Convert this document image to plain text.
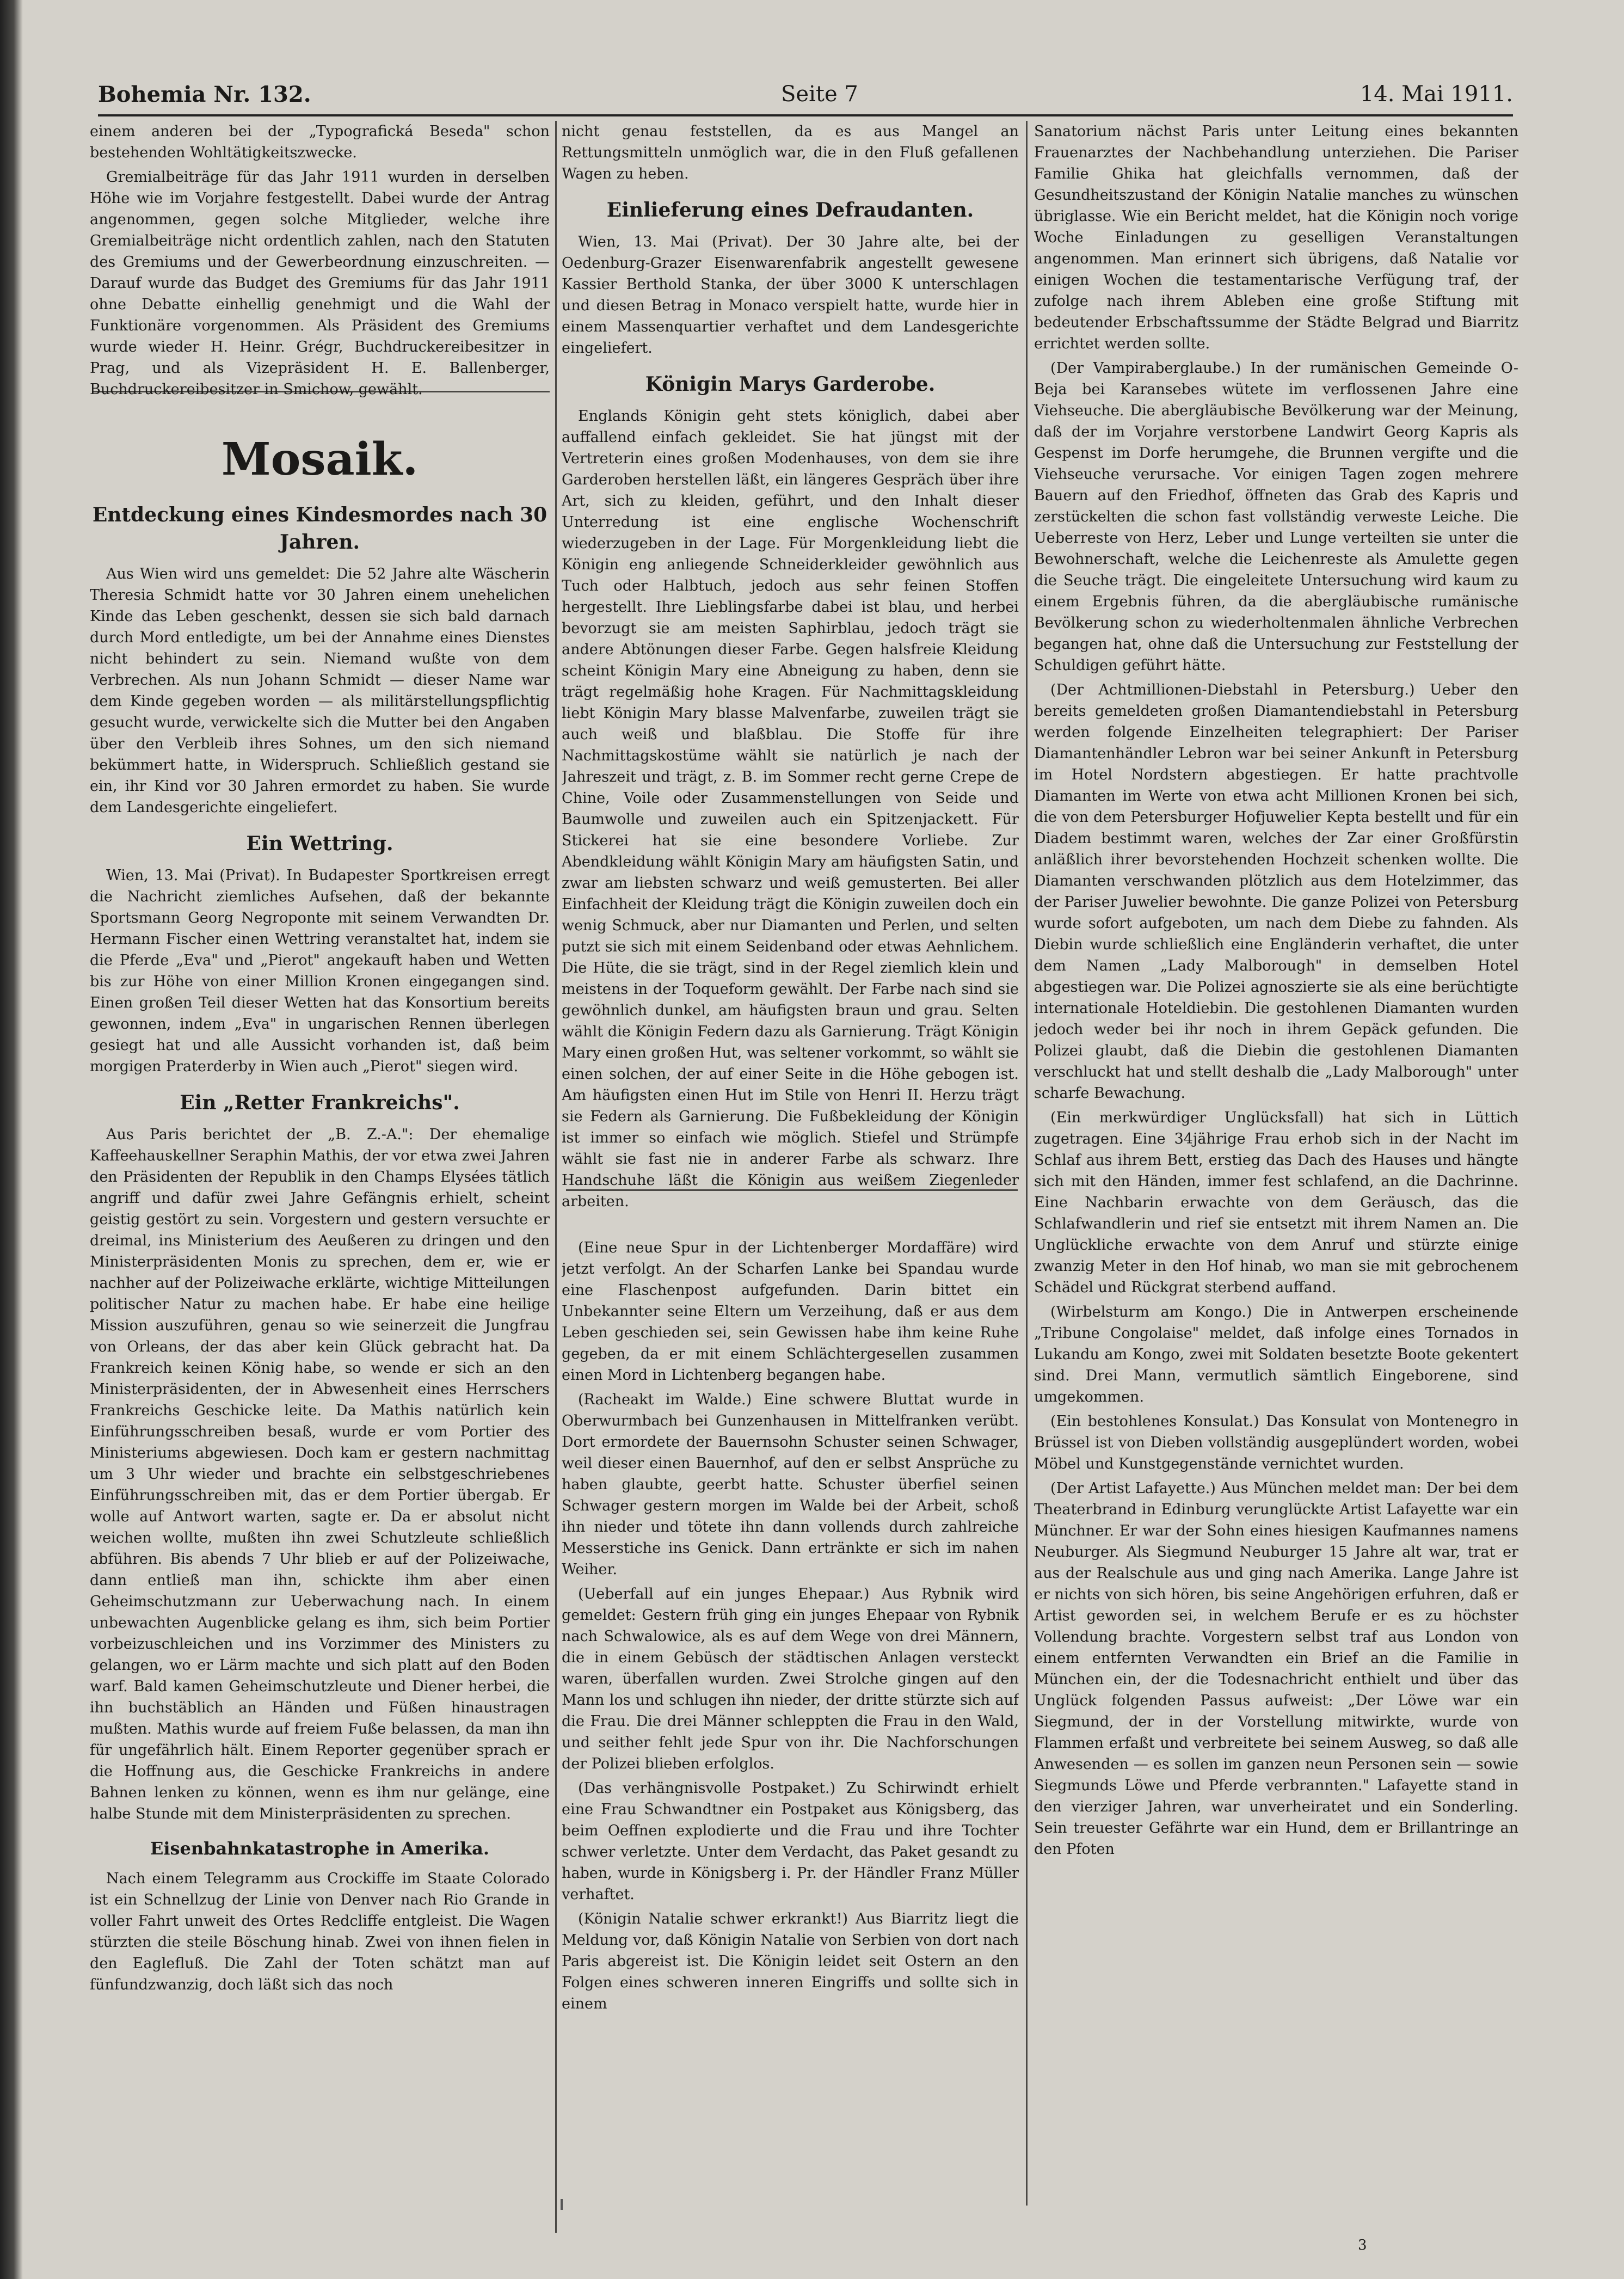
Bohemia Nr. 132.	Seite 7	14. Mai 1911.

einem anderen bei der „Typografická Beseda" schon bestehenden Wohltätigkeitszwecke.

Gremialbeiträge für das Jahr 1911 wurden in derselben Höhe wie im Vorjahre festgestellt. Dabei wurde der Antrag angenommen, gegen solche Mitglieder, welche ihre Gremialbeiträge nicht ordentlich zahlen, nach den Statuten des Gremiums und der Gewerbeordnung einzuschreiten. — Darauf wurde das Budget des Gremiums für das Jahr 1911 ohne Debatte einhellig genehmigt und die Wahl der Funktionäre vorgenommen. Als Präsident des Gremiums wurde wieder H. Heinr. Grégr, Buchdruckereibesitzer in Prag, und als Vizepräsident H. E. Ballenberger, Buchdruckereibesitzer in Smichow, gewählt.

Mosaik.
Entdeckung eines Kindesmordes nach 30 Jahren.

Aus Wien wird uns gemeldet: Die 52 Jahre alte Wäscherin Theresia Schmidt hatte vor 30 Jahren einem unehelichen Kinde das Leben geschenkt, dessen sie sich bald darnach durch Mord entledigte, um bei der Annahme eines Dienstes nicht behindert zu sein. Niemand wußte von dem Verbrechen. Als nun Johann Schmidt — dieser Name war dem Kinde gegeben worden — als militärstellungspflichtig gesucht wurde, verwickelte sich die Mutter bei den Angaben über den Verbleib ihres Sohnes, um den sich niemand bekümmert hatte, in Widerspruch. Schließlich gestand sie ein, ihr Kind vor 30 Jahren ermordet zu haben. Sie wurde dem Landesgerichte eingeliefert.

Ein Wettring.

Wien, 13. Mai (Privat). In Budapester Sportkreisen erregt die Nachricht ziemliches Aufsehen, daß der bekannte Sportsmann Georg Negroponte mit seinem Verwandten Dr. Hermann Fischer einen Wettring veranstaltet hat, indem sie die Pferde „Eva" und „Pierot" angekauft haben und Wetten bis zur Höhe von einer Million Kronen eingegangen sind. Einen großen Teil dieser Wetten hat das Konsortium bereits gewonnen, indem „Eva" in ungarischen Rennen überlegen gesiegt hat und alle Aussicht vorhanden ist, daß beim morgigen Praterderby in Wien auch „Pierot" siegen wird.

Ein „Retter Frankreichs".

Aus Paris berichtet der „B. Z.-A.": Der ehemalige Kaffeehauskellner Seraphin Mathis, der vor etwa zwei Jahren den Präsidenten der Republik in den Champs Elysées tätlich angriff und dafür zwei Jahre Gefängnis erhielt, scheint geistig gestört zu sein. Vorgestern und gestern versuchte er dreimal, ins Ministerium des Aeußeren zu dringen und den Ministerpräsidenten Monis zu sprechen, dem er, wie er nachher auf der Polizeiwache erklärte, wichtige Mitteilungen politischer Natur zu machen habe. Er habe eine heilige Mission auszuführen, genau so wie seinerzeit die Jungfrau von Orleans, der das aber kein Glück gebracht hat. Da Frankreich keinen König habe, so wende er sich an den Ministerpräsidenten, der in Abwesenheit eines Herrschers Frankreichs Geschicke leite. Da Mathis natürlich kein Einführungsschreiben besaß, wurde er vom Portier des Ministeriums abgewiesen. Doch kam er gestern nachmittag um 3 Uhr wieder und brachte ein selbstgeschriebenes Einführungsschreiben mit, das er dem Portier übergab. Er wolle auf Antwort warten, sagte er. Da er absolut nicht weichen wollte, mußten ihn zwei Schutzleute schließlich abführen. Bis abends 7 Uhr blieb er auf der Polizeiwache, dann entließ man ihn, schickte ihm aber einen Geheimschutzmann zur Ueberwachung nach. In einem unbewachten Augenblicke gelang es ihm, sich beim Portier vorbeizuschleichen und ins Vorzimmer des Ministers zu gelangen, wo er Lärm machte und sich platt auf den Boden warf. Bald kamen Geheimschutzleute und Diener herbei, die ihn buchstäblich an Händen und Füßen hinaustragen mußten. Mathis wurde auf freiem Fuße belassen, da man ihn für ungefährlich hält. Einem Reporter gegenüber sprach er die Hoffnung aus, die Geschicke Frankreichs in andere Bahnen lenken zu können, wenn es ihm nur gelänge, eine halbe Stunde mit dem Ministerpräsidenten zu sprechen.

Eisenbahnkatastrophe in Amerika.

Nach einem Telegramm aus Crockiffe im Staate Colorado ist ein Schnellzug der Linie von Denver nach Rio Grande in voller Fahrt unweit des Ortes Redcliffe entgleist. Die Wagen stürzten die steile Böschung hinab. Zwei von ihnen fielen in den Eaglefluß. Die Zahl der Toten schätzt man auf fünfundzwanzig, doch läßt sich das noch

nicht genau feststellen, da es aus Mangel an Rettungsmitteln unmöglich war, die in den Fluß gefallenen Wagen zu heben.

Einlieferung eines Defraudanten.

Wien, 13. Mai (Privat). Der 30 Jahre alte, bei der Oedenburg-Grazer Eisenwarenfabrik angestellt gewesene Kassier Berthold Stanka, der über 3000 K unterschlagen und diesen Betrag in Monaco verspielt hatte, wurde hier in einem Massenquartier verhaftet und dem Landesgerichte eingeliefert.

Königin Marys Garderobe.

Englands Königin geht stets königlich, dabei aber auffallend einfach gekleidet. Sie hat jüngst mit der Vertreterin eines großen Modenhauses, von dem sie ihre Garderoben herstellen läßt, ein längeres Gespräch über ihre Art, sich zu kleiden, geführt, und den Inhalt dieser Unterredung ist eine englische Wochenschrift wiederzugeben in der Lage. Für Morgenkleidung liebt die Königin eng anliegende Schneiderkleider gewöhnlich aus Tuch oder Halbtuch, jedoch aus sehr feinen Stoffen hergestellt. Ihre Lieblingsfarbe dabei ist blau, und herbei bevorzugt sie am meisten Saphirblau, jedoch trägt sie andere Abtönungen dieser Farbe. Gegen halsfreie Kleidung scheint Königin Mary eine Abneigung zu haben, denn sie trägt regelmäßig hohe Kragen. Für Nachmittagskleidung liebt Königin Mary blasse Malvenfarbe, zuweilen trägt sie auch weiß und blaßblau. Die Stoffe für ihre Nachmittagskostüme wählt sie natürlich je nach der Jahreszeit und trägt, z. B. im Sommer recht gerne Crepe de Chine, Voile oder Zusammenstellungen von Seide und Baumwolle und zuweilen auch ein Spitzenjackett. Für Stickerei hat sie eine besondere Vorliebe. Zur Abendkleidung wählt Königin Mary am häufigsten Satin, und zwar am liebsten schwarz und weiß gemusterten. Bei aller Einfachheit der Kleidung trägt die Königin zuweilen doch ein wenig Schmuck, aber nur Diamanten und Perlen, und selten putzt sie sich mit einem Seidenband oder etwas Aehnlichem. Die Hüte, die sie trägt, sind in der Regel ziemlich klein und meistens in der Toqueform gewählt. Der Farbe nach sind sie gewöhnlich dunkel, am häufigsten braun und grau. Selten wählt die Königin Federn dazu als Garnierung. Trägt Königin Mary einen großen Hut, was seltener vorkommt, so wählt sie einen solchen, der auf einer Seite in die Höhe gebogen ist. Am häufigsten einen Hut im Stile von Henri II. Herzu trägt sie Federn als Garnierung. Die Fußbekleidung der Königin ist immer so einfach wie möglich. Stiefel und Strümpfe wählt sie fast nie in anderer Farbe als schwarz. Ihre Handschuhe läßt die Königin aus weißem Ziegenleder arbeiten.

(Eine neue Spur in der Lichtenberger Mordaffäre) wird jetzt verfolgt. An der Scharfen Lanke bei Spandau wurde eine Flaschenpost aufgefunden. Darin bittet ein Unbekannter seine Eltern um Verzeihung, daß er aus dem Leben geschieden sei, sein Gewissen habe ihm keine Ruhe gegeben, da er mit einem Schlächtergesellen zusammen einen Mord in Lichtenberg begangen habe.

(Racheakt im Walde.) Eine schwere Bluttat wurde in Oberwurmbach bei Gunzenhausen in Mittelfranken verübt. Dort ermordete der Bauernsohn Schuster seinen Schwager, weil dieser einen Bauernhof, auf den er selbst Ansprüche zu haben glaubte, geerbt hatte. Schuster überfiel seinen Schwager gestern morgen im Walde bei der Arbeit, schoß ihn nieder und tötete ihn dann vollends durch zahlreiche Messerstiche ins Genick. Dann ertränkte er sich im nahen Weiher.

(Ueberfall auf ein junges Ehepaar.) Aus Rybnik wird gemeldet: Gestern früh ging ein junges Ehepaar von Rybnik nach Schwalowice, als es auf dem Wege von drei Männern, die in einem Gebüsch der städtischen Anlagen versteckt waren, überfallen wurden. Zwei Strolche gingen auf den Mann los und schlugen ihn nieder, der dritte stürzte sich auf die Frau. Die drei Männer schleppten die Frau in den Wald, und seither fehlt jede Spur von ihr. Die Nachforschungen der Polizei blieben erfolglos.

(Das verhängnisvolle Postpaket.) Zu Schirwindt erhielt eine Frau Schwandtner ein Postpaket aus Königsberg, das beim Oeffnen explodierte und die Frau und ihre Tochter schwer verletzte. Unter dem Verdacht, das Paket gesandt zu haben, wurde in Königsberg i. Pr. der Händler Franz Müller verhaftet.

(Königin Natalie schwer erkrankt!) Aus Biarritz liegt die Meldung vor, daß Königin Natalie von Serbien von dort nach Paris abgereist ist. Die Königin leidet seit Ostern an den Folgen eines schweren inneren Eingriffs und sollte sich in einem

Sanatorium nächst Paris unter Leitung eines bekannten Frauenarztes der Nachbehandlung unterziehen. Die Pariser Familie Ghika hat gleichfalls vernommen, daß der Gesundheitszustand der Königin Natalie manches zu wünschen übriglasse. Wie ein Bericht meldet, hat die Königin noch vorige Woche Einladungen zu geselligen Veranstaltungen angenommen. Man erinnert sich übrigens, daß Natalie vor einigen Wochen die testamentarische Verfügung traf, der zufolge nach ihrem Ableben eine große Stiftung mit bedeutender Erbschaftssumme der Städte Belgrad und Biarritz errichtet werden sollte.

(Der Vampiraberglaube.) In der rumänischen Gemeinde O-Beja bei Karansebes wütete im verflossenen Jahre eine Viehseuche. Die abergläubische Bevölkerung war der Meinung, daß der im Vorjahre verstorbene Landwirt Georg Kapris als Gespenst im Dorfe herumgehe, die Brunnen vergifte und die Viehseuche verursache. Vor einigen Tagen zogen mehrere Bauern auf den Friedhof, öffneten das Grab des Kapris und zerstückelten die schon fast vollständig verweste Leiche. Die Ueberreste von Herz, Leber und Lunge verteilten sie unter die Bewohnerschaft, welche die Leichenreste als Amulette gegen die Seuche trägt. Die eingeleitete Untersuchung wird kaum zu einem Ergebnis führen, da die abergläubische rumänische Bevölkerung schon zu wiederholtenmalen ähnliche Verbrechen begangen hat, ohne daß die Untersuchung zur Feststellung der Schuldigen geführt hätte.

(Der Achtmillionen-Diebstahl in Petersburg.) Ueber den bereits gemeldeten großen Diamantendiebstahl in Petersburg werden folgende Einzelheiten telegraphiert: Der Pariser Diamantenhändler Lebron war bei seiner Ankunft in Petersburg im Hotel Nordstern abgestiegen. Er hatte prachtvolle Diamanten im Werte von etwa acht Millionen Kronen bei sich, die von dem Petersburger Hofjuwelier Kepta bestellt und für ein Diadem bestimmt waren, welches der Zar einer Großfürstin anläßlich ihrer bevorstehenden Hochzeit schenken wollte. Die Diamanten verschwanden plötzlich aus dem Hotelzimmer, das der Pariser Juwelier bewohnte. Die ganze Polizei von Petersburg wurde sofort aufgeboten, um nach dem Diebe zu fahnden. Als Diebin wurde schließlich eine Engländerin verhaftet, die unter dem Namen „Lady Malborough" in demselben Hotel abgestiegen war. Die Polizei agnoszierte sie als eine berüchtigte internationale Hoteldiebin. Die gestohlenen Diamanten wurden jedoch weder bei ihr noch in ihrem Gepäck gefunden. Die Polizei glaubt, daß die Diebin die gestohlenen Diamanten verschluckt hat und stellt deshalb die „Lady Malborough" unter scharfe Bewachung.

(Ein merkwürdiger Unglücksfall) hat sich in Lüttich zugetragen. Eine 34jährige Frau erhob sich in der Nacht im Schlaf aus ihrem Bett, erstieg das Dach des Hauses und hängte sich mit den Händen, immer fest schlafend, an die Dachrinne. Eine Nachbarin erwachte von dem Geräusch, das die Schlafwandlerin und rief sie entsetzt mit ihrem Namen an. Die Unglückliche erwachte von dem Anruf und stürzte einige zwanzig Meter in den Hof hinab, wo man sie mit gebrochenem Schädel und Rückgrat sterbend auffand.

(Wirbelsturm am Kongo.) Die in Antwerpen erscheinende „Tribune Congolaise" meldet, daß infolge eines Tornados in Lukandu am Kongo, zwei mit Soldaten besetzte Boote gekentert sind. Drei Mann, vermutlich sämtlich Eingeborene, sind umgekommen.

(Ein bestohlenes Konsulat.) Das Konsulat von Montenegro in Brüssel ist von Dieben vollständig ausgeplündert worden, wobei Möbel und Kunstgegenstände vernichtet wurden.

(Der Artist Lafayette.) Aus München meldet man: Der bei dem Theaterbrand in Edinburg verunglückte Artist Lafayette war ein Münchner. Er war der Sohn eines hiesigen Kaufmannes namens Neuburger. Als Siegmund Neuburger 15 Jahre alt war, trat er aus der Realschule aus und ging nach Amerika. Lange Jahre ist er nichts von sich hören, bis seine Angehörigen erfuhren, daß er Artist geworden sei, in welchem Berufe er es zu höchster Vollendung brachte. Vorgestern selbst traf aus London von einem entfernten Verwandten ein Brief an die Familie in München ein, der die Todesnachricht enthielt und über das Unglück folgenden Passus aufweist: „Der Löwe war ein Siegmund, der in der Vorstellung mitwirkte, wurde von Flammen erfaßt und verbreitete bei seinem Ausweg, so daß alle Anwesenden — es sollen im ganzen neun Personen sein — sowie Siegmunds Löwe und Pferde verbrannten." Lafayette stand in den vierziger Jahren, war unverheiratet und ein Sonderling. Sein treuester Gefährte war ein Hund, dem er Brillantringe an den Pfoten

3
